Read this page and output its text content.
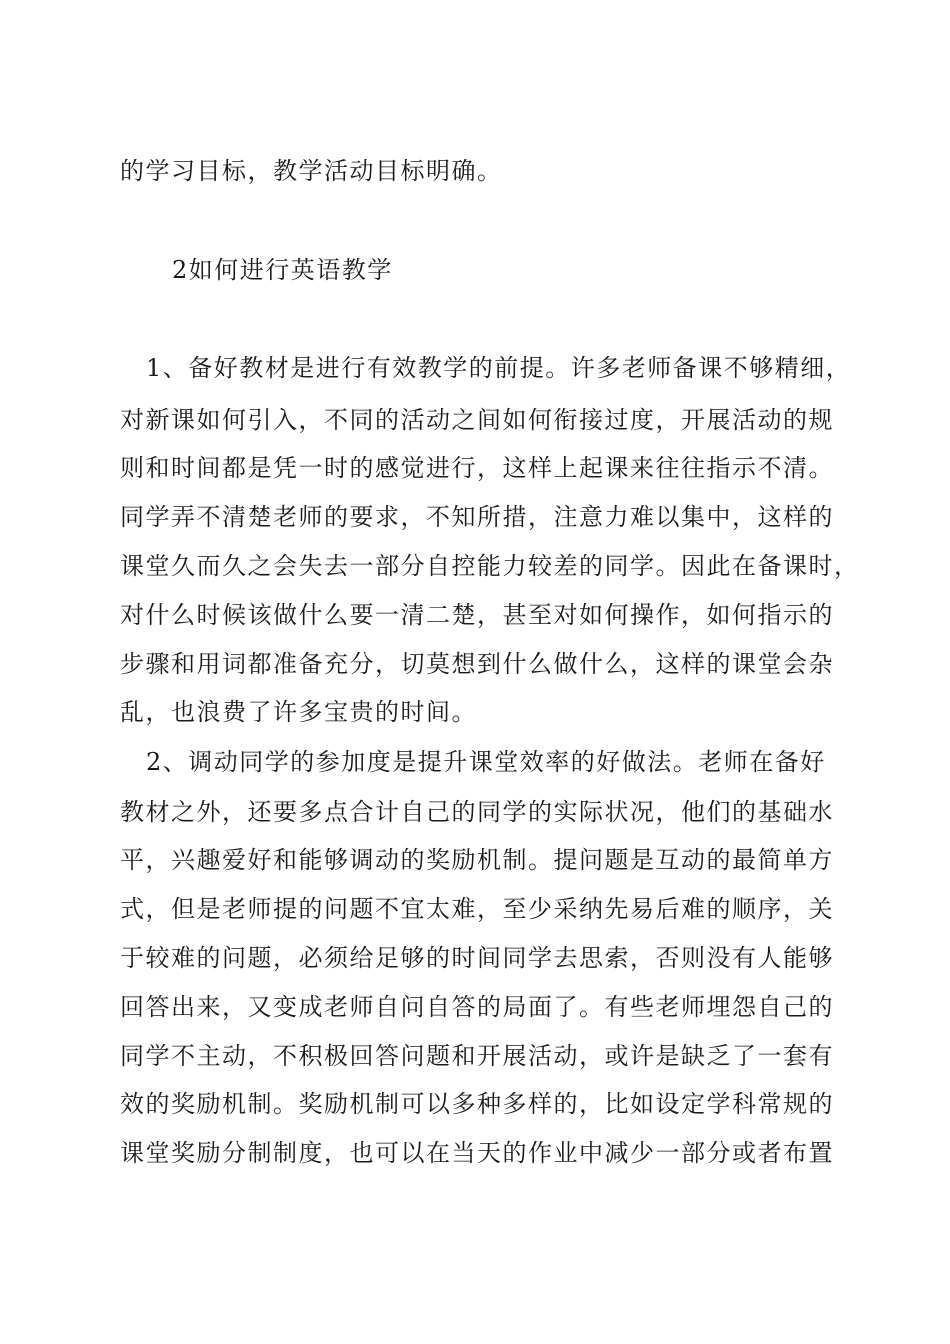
的学习目标，教学活动目标明确。
2如何进行英语教学
1、备好教材是进行有效教学的前提。许多老师备课不够精细，
对新课如何引入，不同的活动之间如何衔接过度，开展活动的规
则和时间都是凭一时的感觉进行，这样上起课来往往指示不清。
同学弄不清楚老师的要求，不知所措，注意力难以集中，这样的
课堂久而久之会失去一部分自控能力较差的同学。因此在备课时，
对什么时候该做什么要一清二楚，甚至对如何操作，如何指示的
步骤和用词都准备充分，切莫想到什么做什么，这样的课堂会杂
乱，也浪费了许多宝贵的时间。
2、调动同学的参加度是提升课堂效率的好做法。老师在备好
教材之外，还要多点合计自己的同学的实际状况，他们的基础水
平，兴趣爱好和能够调动的奖励机制。提问题是互动的最简单方
式，但是老师提的问题不宜太难，至少采纳先易后难的顺序，关
于较难的问题，必须给足够的时间同学去思索，否则没有人能够
回答出来，又变成老师自问自答的局面了。有些老师埋怨自己的
同学不主动，不积极回答问题和开展活动，或许是缺乏了一套有
效的奖励机制。奖励机制可以多种多样的，比如设定学科常规的
课堂奖励分制制度，也可以在当天的作业中减少一部分或者布置
